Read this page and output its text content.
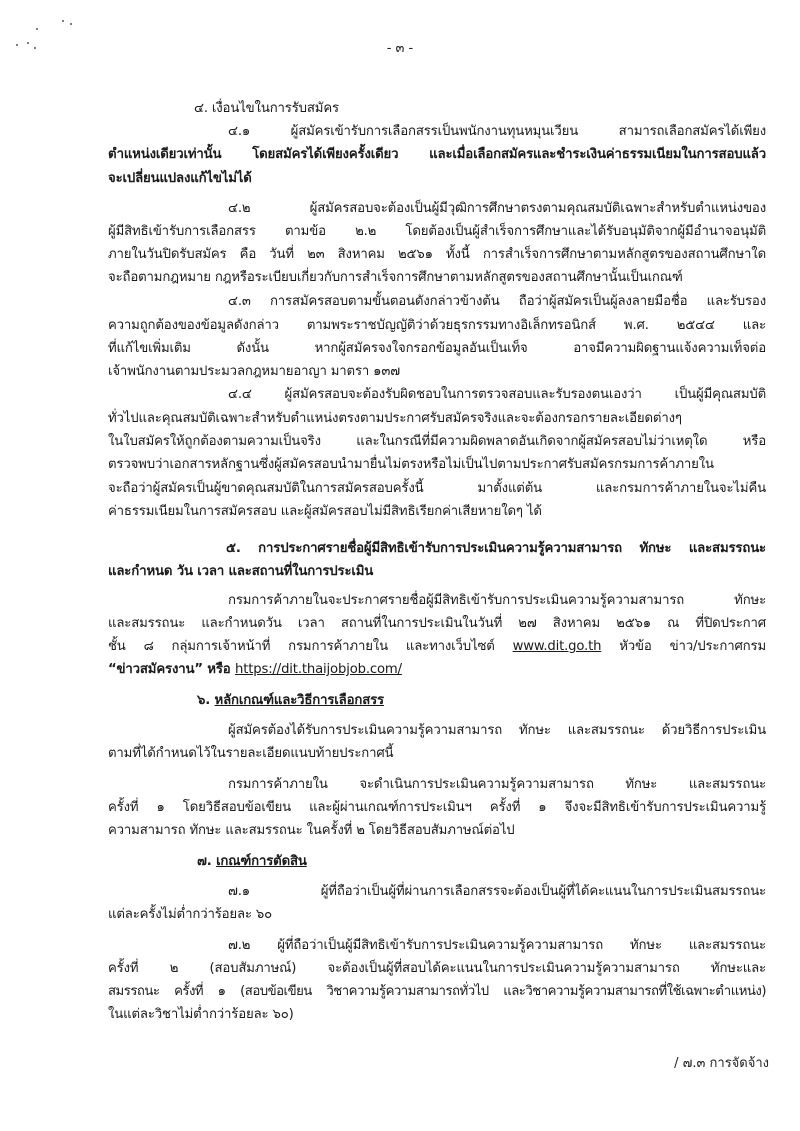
- ๓ -
๔. เงื่อนไขในการรับสมัคร
๔.๑ ผู้สมัครเข้ารับการเลือกสรรเป็นพนักงานทุนหมุนเวียน สามารถเลือกสมัครได้เพียง
ตำแหน่งเดียวเท่านั้น โดยสมัครได้เพียงครั้งเดียว และเมื่อเลือกสมัครและชำระเงินค่าธรรมเนียมในการสอบแล้ว
จะเปลี่ยนแปลงแก้ไขไม่ได้
๔.๒ ผู้สมัครสอบจะต้องเป็นผู้มีวุฒิการศึกษาตรงตามคุณสมบัติเฉพาะสำหรับตำแหน่งของ
ผู้มีสิทธิเข้ารับการเลือกสรร ตามข้อ ๒.๒ โดยต้องเป็นผู้สำเร็จการศึกษาและได้รับอนุมัติจากผู้มีอำนาจอนุมัติ
ภายในวันปิดรับสมัคร คือ วันที่ ๒๓ สิงหาคม ๒๕๖๑ ทั้งนี้ การสำเร็จการศึกษาตามหลักสูตรของสถานศึกษาใด
จะถือตามกฎหมาย กฎหรือระเบียบเกี่ยวกับการสำเร็จการศึกษาตามหลักสูตรของสถานศึกษานั้นเป็นเกณฑ์
๔.๓ การสมัครสอบตามขั้นตอนดังกล่าวข้างต้น ถือว่าผู้สมัครเป็นผู้ลงลายมือชื่อ และรับรอง
ความถูกต้องของข้อมูลดังกล่าว ตามพระราชบัญญัติว่าด้วยธุรกรรมทางอิเล็กทรอนิกส์ พ.ศ. ๒๕๔๔ และ
ที่แก้ไขเพิ่มเติม ดังนั้น หากผู้สมัครจงใจกรอกข้อมูลอันเป็นเท็จ อาจมีความผิดฐานแจ้งความเท็จต่อ
เจ้าพนักงานตามประมวลกฎหมายอาญา มาตรา ๑๓๗
๔.๔ ผู้สมัครสอบจะต้องรับผิดชอบในการตรวจสอบและรับรองตนเองว่า เป็นผู้มีคุณสมบัติ
ทั่วไปและคุณสมบัติเฉพาะสำหรับตำแหน่งตรงตามประกาศรับสมัครจริงและจะต้องกรอกรายละเอียดต่างๆ
ในใบสมัครให้ถูกต้องตามความเป็นจริง และในกรณีที่มีความผิดพลาดอันเกิดจากผู้สมัครสอบไม่ว่าเหตุใด หรือ
ตรวจพบว่าเอกสารหลักฐานซึ่งผู้สมัครสอบนำมายื่นไม่ตรงหรือไม่เป็นไปตามประกาศรับสมัครกรมการค้าภายใน
จะถือว่าผู้สมัครเป็นผู้ขาดคุณสมบัติในการสมัครสอบครั้งนี้ มาตั้งแต่ต้น และกรมการค้าภายในจะไม่คืน
ค่าธรรมเนียมในการสมัครสอบ และผู้สมัครสอบไม่มีสิทธิเรียกค่าเสียหายใดๆ ได้
๕. การประกาศรายชื่อผู้มีสิทธิเข้ารับการประเมินความรู้ความสามารถ ทักษะ และสมรรถนะ
และกำหนด วัน เวลา และสถานที่ในการประเมิน
กรมการค้าภายในจะประกาศรายชื่อผู้มีสิทธิเข้ารับการประเมินความรู้ความสามารถ ทักษะ
และสมรรถนะ และกำหนดวัน เวลา สถานที่ในการประเมินในวันที่ ๒๗ สิงหาคม ๒๕๖๑ ณ ที่ปิดประกาศ
ชั้น ๘ กลุ่มการเจ้าหน้าที่ กรมการค้าภายใน และทางเว็บไซต์ www.dit.go.th หัวข้อ ข่าว/ประกาศกรม
“ข่าวสมัครงาน” หรือ https://dit.thaijobjob.com/
๖. หลักเกณฑ์และวิธีการเลือกสรร
ผู้สมัครต้องได้รับการประเมินความรู้ความสามารถ ทักษะ และสมรรถนะ ด้วยวิธีการประเมิน
ตามที่ได้กำหนดไว้ในรายละเอียดแนบท้ายประกาศนี้
กรมการค้าภายใน จะดำเนินการประเมินความรู้ความสามารถ ทักษะ และสมรรถนะ
ครั้งที่ ๑ โดยวิธีสอบข้อเขียน และผู้ผ่านเกณฑ์การประเมินฯ ครั้งที่ ๑ จึงจะมีสิทธิเข้ารับการประเมินความรู้
ความสามารถ ทักษะ และสมรรถนะ ในครั้งที่ ๒ โดยวิธีสอบสัมภาษณ์ต่อไป
๗. เกณฑ์การตัดสิน
๗.๑ ผู้ที่ถือว่าเป็นผู้ที่ผ่านการเลือกสรรจะต้องเป็นผู้ที่ได้คะแนนในการประเมินสมรรถนะ
แต่ละครั้งไม่ต่ำกว่าร้อยละ ๖๐
๗.๒ ผู้ที่ถือว่าเป็นผู้มีสิทธิเข้ารับการประเมินความรู้ความสามารถ ทักษะ และสมรรถนะ
ครั้งที่ ๒ (สอบสัมภาษณ์) จะต้องเป็นผู้ที่สอบได้คะแนนในการประเมินความรู้ความสามารถ ทักษะและ
สมรรถนะ ครั้งที่ ๑ (สอบข้อเขียน วิชาความรู้ความสามารถทั่วไป และวิชาความรู้ความสามารถที่ใช้เฉพาะตำแหน่ง)
ในแต่ละวิชาไม่ต่ำกว่าร้อยละ ๖๐)
/ ๗.๓ การจัดจ้าง
